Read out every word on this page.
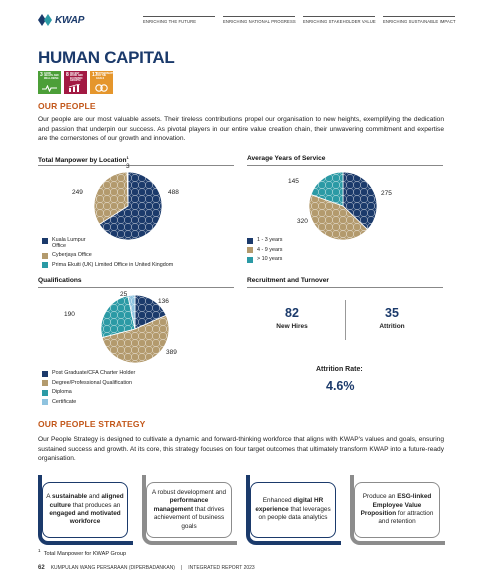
KWAP	ENRICHING THE FUTURE	ENRICHING NATIONAL PROGRESS ENRICHING STAKEHOLDER VALUE ENRICHING SUSTAINABLE IMPACT
HUMAN CAPITAL
3 GOOD HEALTH AND WELL-BEING
8 DECENT WORK AND ECONOMIC GROWTH
17
PARTNERSHIPS FOR THE GOALS
OUR PEOPLE
Our people are our most valuable assets. Their tireless contributions propel our organisation to new heights, exemplifying the dedication and passion that underpin our success. As pivotal players in our entire value creation chain, their unwavering commitment and expertise are the cornerstones of our growth and innovation.
Total Manpower by Location$^1$
3
249	488
Kuala Lumpur Office
Cyberjaya Office
Prima Ekuiti (UK) Limited Office in United Kingdom
Average Years of Service
145
275
320
1 - 3 years
4 - 9 years
> 10 years
Qualifications
25
136
190
389
Post Graduate/CFA Charter Holder
Degree/Professional Qualification
Diploma
Certificate
Recruitment and Turnover
82
New Hires
35
Attrition
Attrition Rate:
4.6%
OUR PEOPLE STRATEGY
Our People Strategy is designed to cultivate a dynamic and forward-thinking workforce that aligns with KWAP's values and goals, ensuring sustained success and growth. At its core, this strategy focuses on four target outcomes that ultimately transform KWAP into a future-ready organisation.
A sustainable and aligned culture that produces an engaged and motivated workforce
A robust development and performance management that drives achievement of business goals
Enhanced digital HR experience that leverages on people data analytics
Produce an ESG-linked Employee Value Proposition for attraction and retention
$^1$  Total Manpower for KWAP Group
62 KUMPULAN WANG PERSARAAN (DIPERBADANKAN) | INTEGRATED REPORT 2023
